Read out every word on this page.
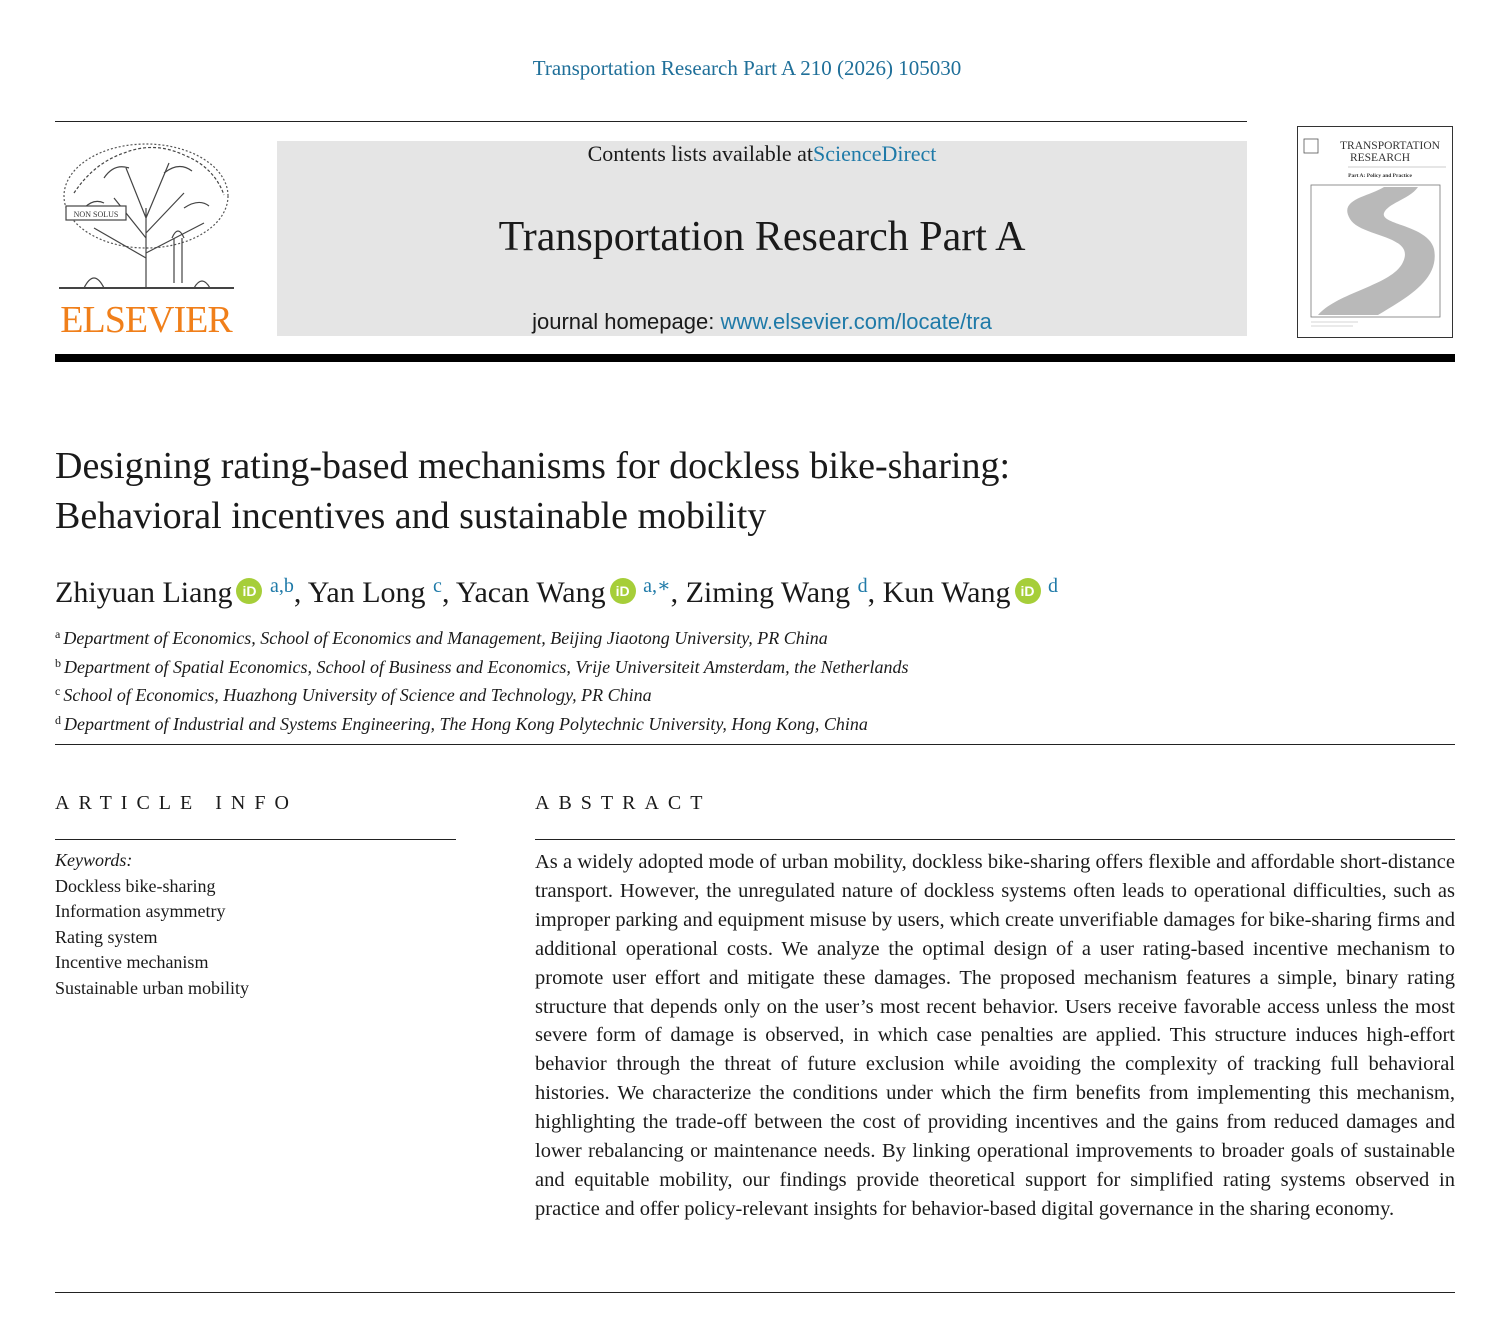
Transportation Research Part A 210 (2026) 105030
NON SOLUS
ELSEVIER
Contents lists available atScienceDirect
Transportation Research Part A
journal homepage: www.elsevier.com/locate/tra
TRANSPORTATION
RESEARCH
Part A: Policy and Practice
Designing rating-based mechanisms for dockless bike-sharing:
Behavioral incentives and sustainable mobility
Zhiyuan Liang iD $^{a,b}$, Yan Long $^c$, Yacan Wang iD $^{a,∗}$, Ziming Wang $^d$, Kun Wang iD $^d$
$^a$ Department of Economics, School of Economics and Management, Beijing Jiaotong University, PR China
$^b$ Department of Spatial Economics, School of Business and Economics, Vrije Universiteit Amsterdam, the Netherlands
$^c$ School of Economics, Huazhong University of Science and Technology, PR China
$^d$ Department of Industrial and Systems Engineering, The Hong Kong Polytechnic University, Hong Kong, China
ARTICLE INFO	ABSTRACT
Keywords:
Dockless bike-sharing
Information asymmetry
Rating system
Incentive mechanism
Sustainable urban mobility
As a widely adopted mode of urban mobility, dockless bike-sharing offers flexible and affordable short-distance transport. However, the unregulated nature of dockless systems often leads to operational difficulties, such as improper parking and equipment misuse by users, which create unverifiable damages for bike-sharing firms and additional operational costs. We analyze the optimal design of a user rating-based incentive mechanism to promote user effort and mitigate these damages. The proposed mechanism features a simple, binary rating structure that depends only on the user’s most recent behavior. Users receive favorable access unless the most severe form of damage is observed, in which case penalties are applied. This structure induces high-effort behavior through the threat of future exclusion while avoiding the complexity of tracking full behavioral histories. We characterize the conditions under which the firm benefits from implementing this mechanism, highlighting the trade-off between the cost of providing incentives and the gains from reduced damages and lower rebalancing or maintenance needs. By linking operational improvements to broader goals of sustainable and equitable mobility, our findings provide theoretical support for simplified rating systems observed in practice and offer policy-relevant insights for behavior-based digital governance in the sharing economy.
